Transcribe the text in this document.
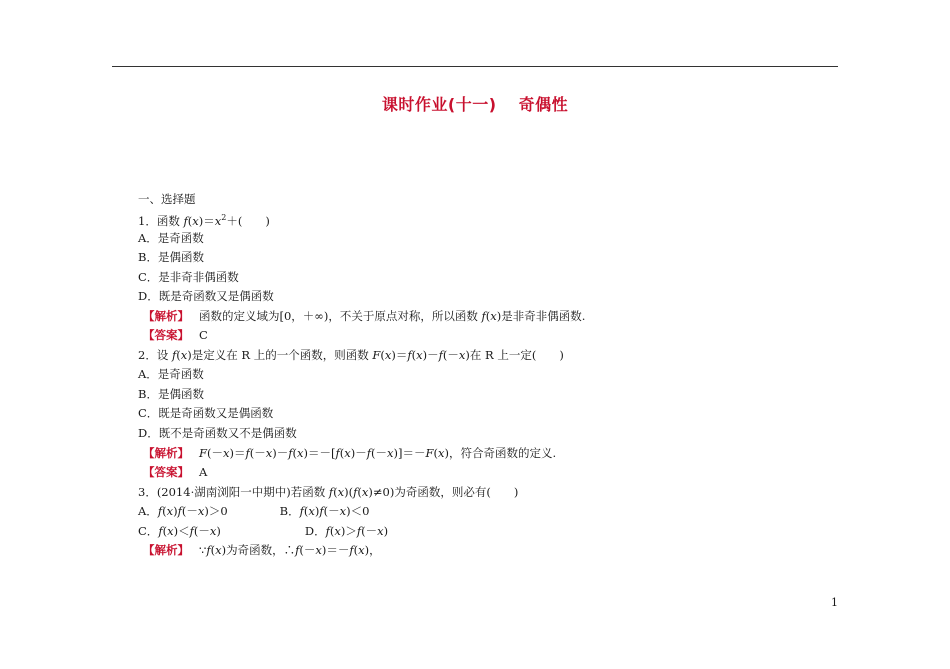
课时作业(十一) 奇偶性
一、选择题
1．函数 $f(x)=x^2+$(　　)
A．是奇函数
B．是偶函数
C．是非奇非偶函数
D．既是奇函数又是偶函数
【解析】 函数的定义域为[0，＋∞)，不关于原点对称，所以函数 f(x)是非奇非偶函数.
【答案】 C
2．设 f(x)是定义在 R 上的一个函数，则函数 F(x)＝f(x)－f(－x)在 R 上一定(　　)
A．是奇函数
B．是偶函数
C．既是奇函数又是偶函数
D．既不是奇函数又不是偶函数
【解析】 F(－x)＝f(－x)－f(x)＝－[f(x)－f(－x)]＝－F(x)，符合奇函数的定义.
【答案】 A
3．(2014·湖南浏阳一中期中)若函数 f(x)(f(x)≠0)为奇函数，则必有(　　)
A．f(x)f(－x)＞0	B．f(x)f(－x)＜0
C．f(x)＜f(－x)	D．f(x)＞f(－x)
【解析】 ∵f(x)为奇函数，∴f(－x)＝－f(x)，
1
